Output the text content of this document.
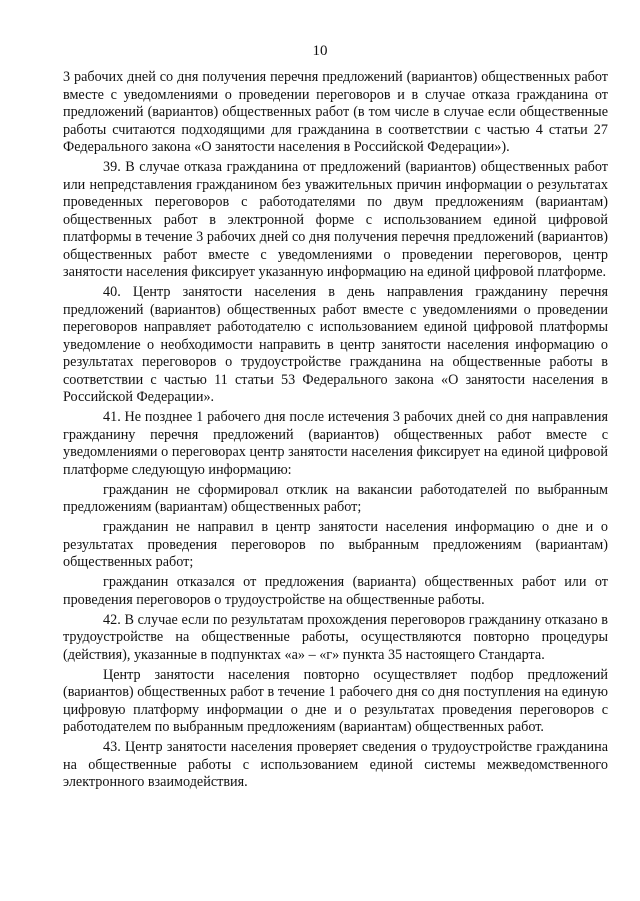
10

3 рабочих дней со дня получения перечня предложений (вариантов) общественных работ вместе с уведомлениями о проведении переговоров и в случае отказа гражданина от предложений (вариантов) общественных работ (в том числе в случае если общественные работы считаются подходящими для гражданина в соответствии с частью 4 статьи 27 Федерального закона «О занятости населения в Российской Федерации»).

39. В случае отказа гражданина от предложений (вариантов) общественных работ или непредставления гражданином без уважительных причин информации о результатах проведенных переговоров с работодателями по двум предложениям (вариантам) общественных работ в электронной форме с использованием единой цифровой платформы в течение 3 рабочих дней со дня получения перечня предложений (вариантов) общественных работ вместе с уведомлениями о проведении переговоров, центр занятости населения фиксирует указанную информацию на единой цифровой платформе.

40. Центр занятости населения в день направления гражданину перечня предложений (вариантов) общественных работ вместе с уведомлениями о проведении переговоров направляет работодателю с использованием единой цифровой платформы уведомление о необходимости направить в центр занятости населения информацию о результатах переговоров о трудоустройстве гражданина на общественные работы в соответствии с частью 11 статьи 53 Федерального закона «О занятости населения в Российской Федерации».

41. Не позднее 1 рабочего дня после истечения 3 рабочих дней со дня направления гражданину перечня предложений (вариантов) общественных работ вместе с уведомлениями о переговорах центр занятости населения фиксирует на единой цифровой платформе следующую информацию:

гражданин не сформировал отклик на вакансии работодателей по выбранным предложениям (вариантам) общественных работ;

гражданин не направил в центр занятости населения информацию о дне и о результатах проведения переговоров по выбранным предложениям (вариантам) общественных работ;

гражданин отказался от предложения (варианта) общественных работ или от проведения переговоров о трудоустройстве на общественные работы.

42. В случае если по результатам прохождения переговоров гражданину отказано в трудоустройстве на общественные работы, осуществляются повторно процедуры (действия), указанные в подпунктах «а» – «г» пункта 35 настоящего Стандарта.

Центр занятости населения повторно осуществляет подбор предложений (вариантов) общественных работ в течение 1 рабочего дня со дня поступления на единую цифровую платформу информации о дне и о результатах проведения переговоров с работодателем по выбранным предложениям (вариантам) общественных работ.

43. Центр занятости населения проверяет сведения о трудоустройстве гражданина на общественные работы с использованием единой системы межведомственного электронного взаимодействия.
